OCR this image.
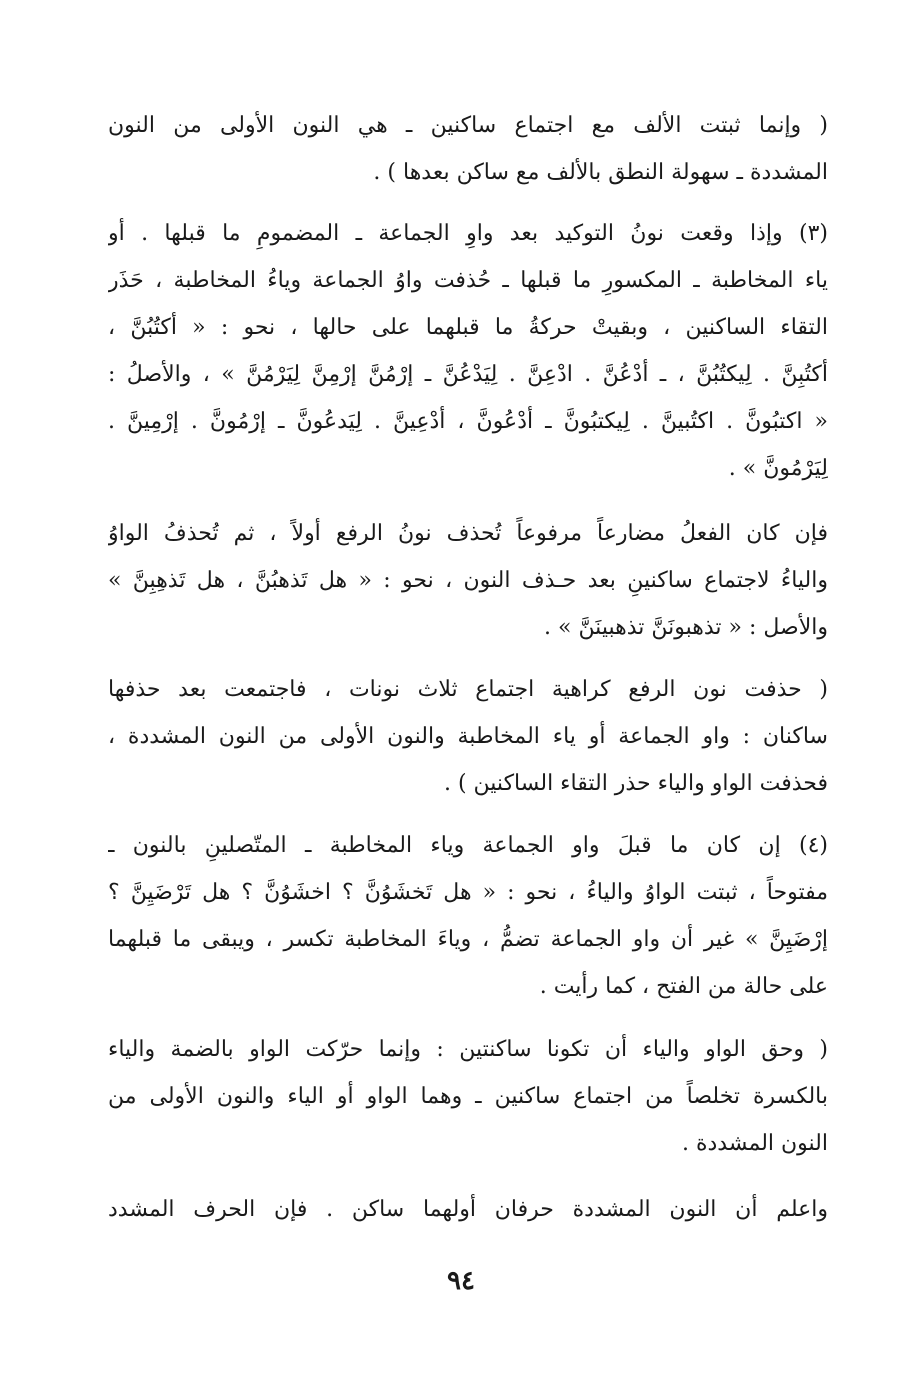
( وإنما ثبتت الألف مع اجتماع ساكنين ـ هي النون الأولى من النون
المشددة ـ سهولة النطق بالألف مع ساكن بعدها ) .
(٣) وإذا وقعت نونُ التوكيد بعد واوِ الجماعة ـ المضمومِ ما قبلها . أو
ياء المخاطبة ـ المكسورِ ما قبلها ـ حُذفت واوُ الجماعة وياءُ المخاطبة ، حَذَر
التقاء الساكنين ، وبقيتْ حركةُ ما قبلهما على حالها ، نحو : « أكتُبُنَّ ،
أكتُبِنَّ . لِيكتُبُنَّ ، ـ أدْعُنَّ . ادْعِنَّ . لِيَدْعُنَّ ـ إرْمُنَّ إرْمِنَّ لِيَرْمُنَّ » ، والأصلُ :
« اكتبُونَّ . اكتُبينَّ . لِيكتبُونَّ ـ أدْعُونَّ ، أدْعِينَّ . لِيَدعُونَّ ـ إرْمُونَّ . إرْمِينَّ .
لِيَرْمُونَّ » .
فإن كان الفعلُ مضارعاً مرفوعاً تُحذف نونُ الرفع أولاً ، ثم تُحذفُ الواوُ
والياءُ لاجتماع ساكنينِ بعد حـذف النون ، نحو : « هل تَذهبُنَّ ، هل تَذهِبِنَّ »
والأصل : « تذهبونَنَّ تذهبينَنَّ » .
( حذفت نون الرفع كراهية اجتماع ثلاث نونات ، فاجتمعت بعد حذفها
ساكنان : واو الجماعة أو ياء المخاطبة والنون الأولى من النون المشددة ،
فحذفت الواو والياء حذر التقاء الساكنين ) .
(٤) إن كان ما قبلَ واو الجماعة وياء المخاطبة ـ المتّصلينِ بالنون ـ
مفتوحاً ، ثبتت الواوُ والياءُ ، نحو : « هل تَخشَوُنَّ ؟ اخشَوُنَّ ؟ هل تَرْضَيِنَّ ؟
إرْضَيِنَّ » غير أن واو الجماعة تضمُّ ، وياءَ المخاطبة تكسر ، ويبقى ما قبلهما
على حالة من الفتح ، كما رأيت .
( وحق الواو والياء أن تكونا ساكنتين : وإنما حرّكت الواو بالضمة والياء
بالكسرة تخلصاً من اجتماع ساكنين ـ وهما الواو أو الياء والنون الأولى من
النون المشددة .
واعلم أن النون المشددة حرفان أولهما ساكن . فإن الحرف المشدد
٩٤
